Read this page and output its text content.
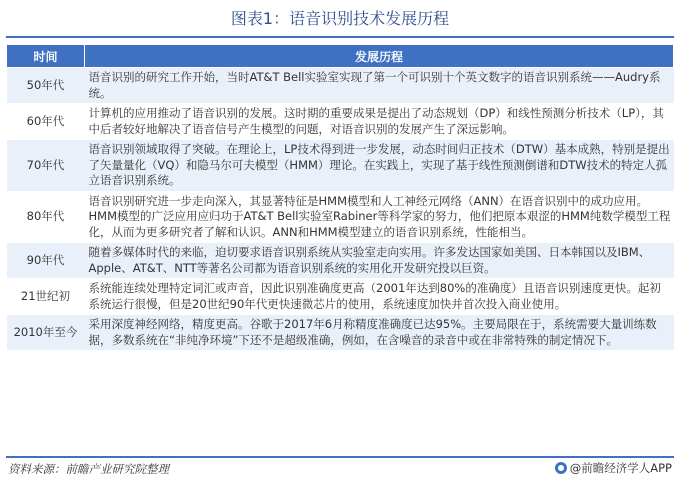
图表1：语音识别技术发展历程
时间	发展历程
50年代	语音识别的研究工作开始，当时AT&T Bell实验室实现了第一个可识别十个英文数字的语音识别系统——Audry系统。
60年代	计算机的应用推动了语音识别的发展。这时期的重要成果是提出了动态规划（DP）和线性预测分析技术（LP），其中后者较好地解决了语音信号产生模型的问题，对语音识别的发展产生了深远影响。
70年代	语音识别领域取得了突破。在理论上，LP技术得到进一步发展，动态时间归正技术（DTW）基本成熟，特别是提出了矢量量化（VQ）和隐马尔可夫模型（HMM）理论。在实践上，实现了基于线性预测倒谱和DTW技术的特定人孤立语音识别系统。
80年代	语音识别研究进一步走向深入，其显著特征是HMM模型和人工神经元网络（ANN）在语音识别中的成功应用。HMM模型的广泛应用应归功于AT&T Bell实验室Rabiner等科学家的努力，他们把原本艰涩的HMM纯数学模型工程化，从而为更多研究者了解和认识。ANN和HMM模型建立的语音识别系统，性能相当。
90年代	随着多媒体时代的来临，迫切要求语音识别系统从实验室走向实用。许多发达国家如美国、日本韩国以及IBM、Apple、AT&T、NTT等著名公司都为语音识别系统的实用化开发研究投以巨资。
21世纪初	系统能连续处理特定词汇或声音，因此识别准确度更高（2001年达到80%的准确度）且语音识别速度更快。起初系统运行很慢，但是20世纪90年代更快速微芯片的使用，系统速度加快并首次投入商业使用。
2010年至今	采用深度神经网络，精度更高。谷歌于2017年6月称精度准确度已达95%。主要局限在于，系统需要大量训练数据，多数系统在“非纯净环境”下还不是超级准确，例如，在含噪音的录音中或在非常特殊的制定情况下。
资料来源：前瞻产业研究院整理	@前瞻经济学人APP
